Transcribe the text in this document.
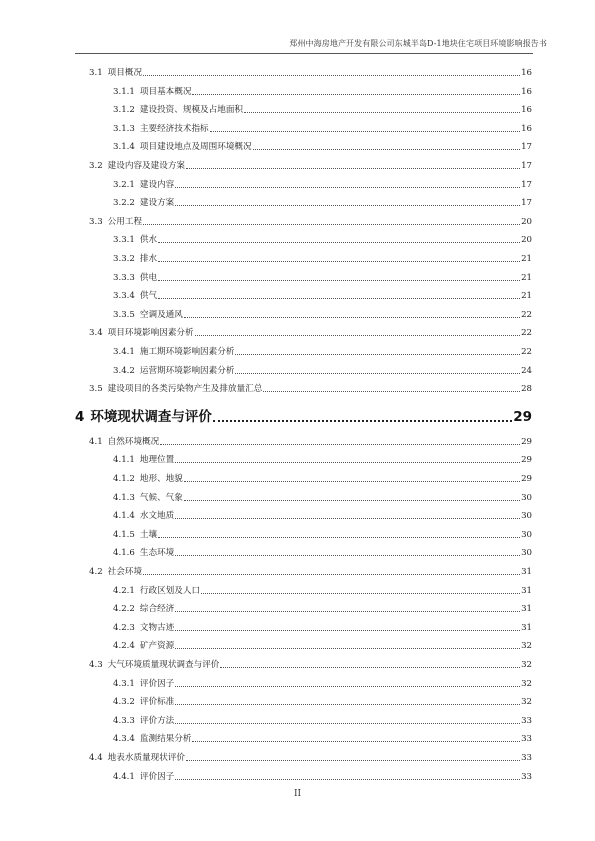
郑州中海房地产开发有限公司东城半岛D-1地块住宅项目环境影响报告书
3.1 项目概况	16
3.1.1 项目基本概况	16
3.1.2 建设投资、规模及占地面积	16
3.1.3 主要经济技术指标	16
3.1.4 项目建设地点及周围环境概况	17
3.2 建设内容及建设方案	17
3.2.1 建设内容	17
3.2.2 建设方案	17
3.3 公用工程	20
3.3.1 供水	20
3.3.2 排水	21
3.3.3 供电	21
3.3.4 供气	21
3.3.5 空调及通风	22
3.4 项目环境影响因素分析	22
3.4.1 施工期环境影响因素分析	22
3.4.2 运营期环境影响因素分析	24
3.5 建设项目的各类污染物产生及排放量汇总	28
4 环境现状调查与评价	29
4.1 自然环境概况	29
4.1.1 地理位置	29
4.1.2 地形、地貌	29
4.1.3 气候、气象	30
4.1.4 水文地质	30
4.1.5 土壤	30
4.1.6 生态环境	30
4.2 社会环境	31
4.2.1 行政区划及人口	31
4.2.2 综合经济	31
4.2.3 文物古迹	31
4.2.4 矿产资源	32
4.3 大气环境质量现状调查与评价	32
4.3.1 评价因子	32
4.3.2 评价标准	32
4.3.3 评价方法	33
4.3.4 监测结果分析	33
4.4 地表水质量现状评价	33
4.4.1 评价因子	33
II
